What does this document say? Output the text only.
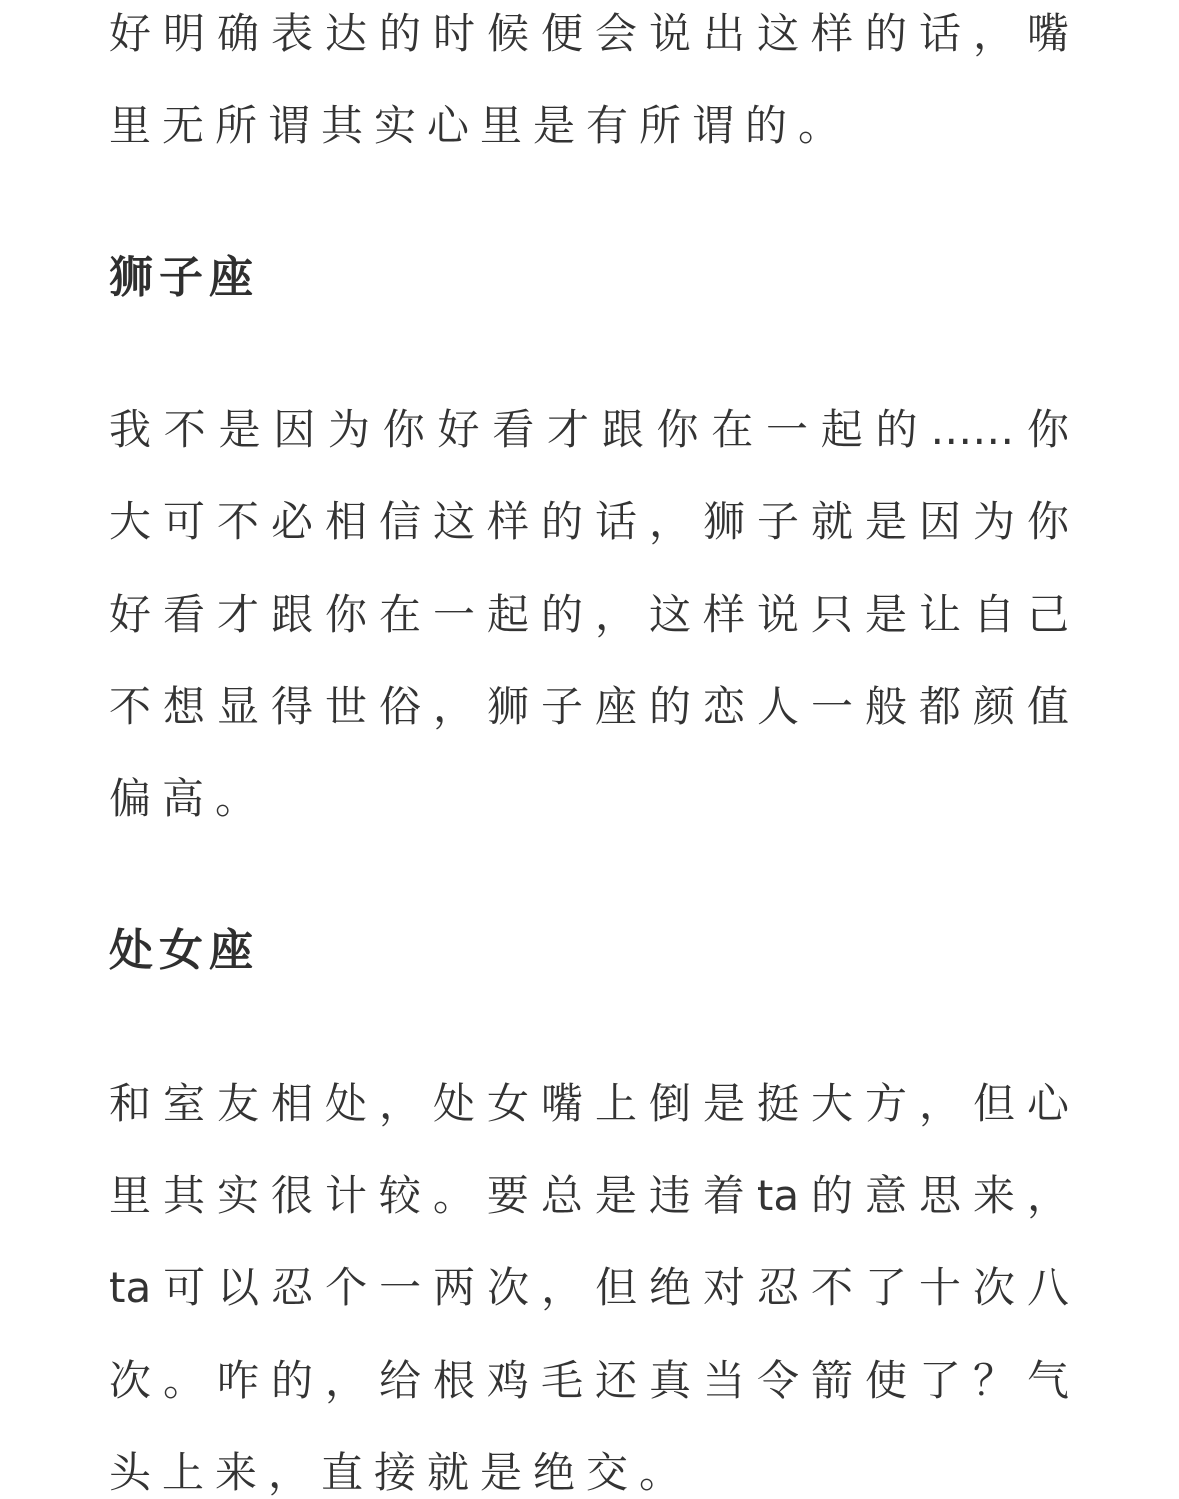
好明确表达的时候便会说出这样的话，嘴
里无所谓其实心里是有所谓的。
狮子座
我不是因为你好看才跟你在一起的……你
大可不必相信这样的话，狮子就是因为你
好看才跟你在一起的，这样说只是让自己
不想显得世俗，狮子座的恋人一般都颜值
偏高。
处女座
和室友相处，处女嘴上倒是挺大方，但心
里其实很计较。要总是违着ta的意思来，
ta可以忍个一两次，但绝对忍不了十次八
次。咋的，给根鸡毛还真当令箭使了？气
头上来，直接就是绝交。
